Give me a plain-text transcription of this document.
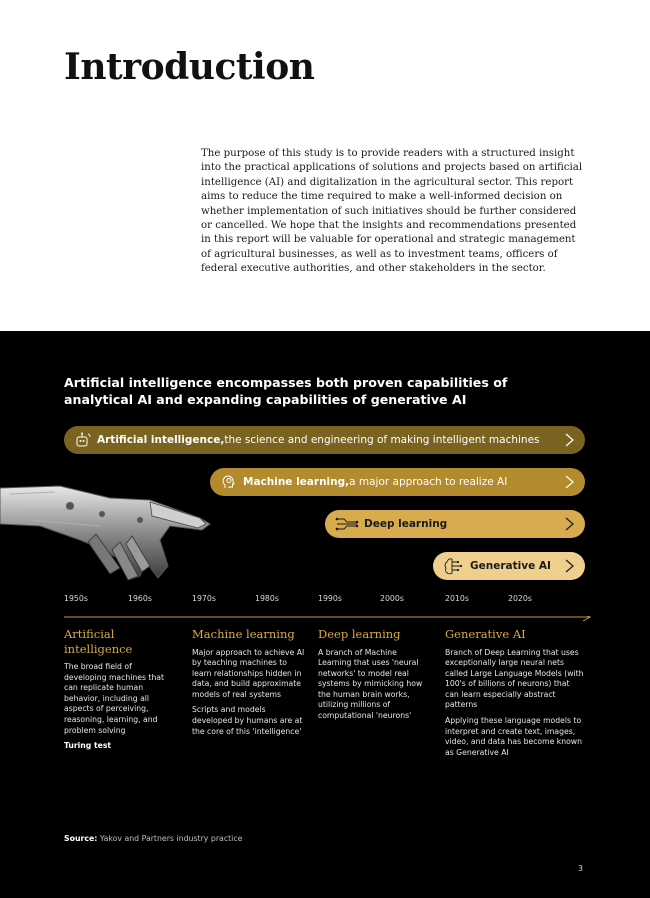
Introduction

The purpose of this study is to provide readers with a structured insight into the practical applications of solutions and projects based on artificial intelligence (AI) and digitalization in the agricultural sector. This report aims to reduce the time required to make a well-informed decision on whether implementation of such initiatives should be further considered or cancelled. We hope that the insights and recommendations presented in this report will be valuable for operational and strategic management of agricultural businesses, as well as to investment teams, officers of federal executive authorities, and other stakeholders in the sector.

Artificial intelligence encompasses both proven capabilities of analytical AI and expanding capabilities of generative AI
Artificial intelligence, the science and engineering of making intelligent machines
Machine learning, a major approach to realize AI
Deep learning
Generative AI
1950s	1960s	1970s	1980s	1990s	2000s	2010s	2020s
Artificial intelligence

The broad field of developing machines that can replicate human behavior, including all aspects of perceiving, reasoning, learning, and problem solving

Turing test

Machine learning

Major approach to achieve AI by teaching machines to learn relationships hidden in data, and build approximate models of real systems

Scripts and models developed by humans are at the core of this 'intelligence'

Deep learning

A branch of Machine Learning that uses 'neural networks' to model real systems by mimicking how the human brain works, utilizing millions of computational 'neurons'

Generative AI

Branch of Deep Learning that uses exceptionally large neural nets called Large Language Models (with 100's of billions of neurons) that can learn especially abstract patterns

Applying these language models to interpret and create text, images, video, and data has become known as Generative AI

Source: Yakov and Partners industry practice
3
